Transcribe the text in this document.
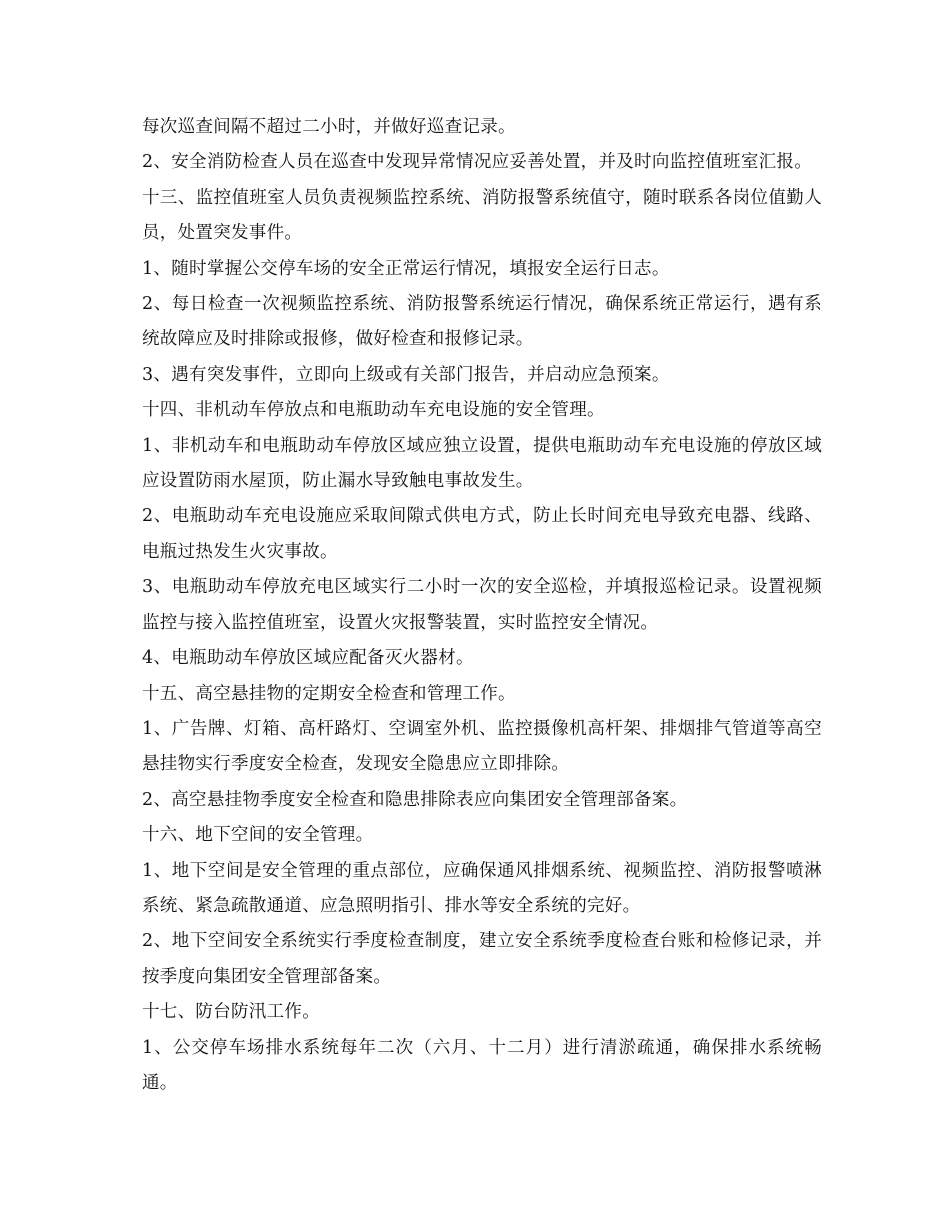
每次巡查间隔不超过二小时，并做好巡查记录。

2、安全消防检查人员在巡查中发现异常情况应妥善处置，并及时向监控值班室汇报。

十三、监控值班室人员负责视频监控系统、消防报警系统值守，随时联系各岗位值勤人员，处置突发事件。

1、随时掌握公交停车场的安全正常运行情况，填报安全运行日志。

2、每日检查一次视频监控系统、消防报警系统运行情况，确保系统正常运行，遇有系统故障应及时排除或报修，做好检查和报修记录。

3、遇有突发事件，立即向上级或有关部门报告，并启动应急预案。

十四、非机动车停放点和电瓶助动车充电设施的安全管理。

1、非机动车和电瓶助动车停放区域应独立设置，提供电瓶助动车充电设施的停放区域应设置防雨水屋顶，防止漏水导致触电事故发生。

2、电瓶助动车充电设施应采取间隙式供电方式，防止长时间充电导致充电器、线路、电瓶过热发生火灾事故。

3、电瓶助动车停放充电区域实行二小时一次的安全巡检，并填报巡检记录。设置视频监控与接入监控值班室，设置火灾报警装置，实时监控安全情况。

4、电瓶助动车停放区域应配备灭火器材。

十五、高空悬挂物的定期安全检查和管理工作。

1、广告牌、灯箱、高杆路灯、空调室外机、监控摄像机高杆架、排烟排气管道等高空悬挂物实行季度安全检查，发现安全隐患应立即排除。

2、高空悬挂物季度安全检查和隐患排除表应向集团安全管理部备案。

十六、地下空间的安全管理。

1、地下空间是安全管理的重点部位，应确保通风排烟系统、视频监控、消防报警喷淋系统、紧急疏散通道、应急照明指引、排水等安全系统的完好。

2、地下空间安全系统实行季度检查制度，建立安全系统季度检查台账和检修记录，并按季度向集团安全管理部备案。

十七、防台防汛工作。

1、公交停车场排水系统每年二次（六月、十二月）进行清淤疏通，确保排水系统畅通。
